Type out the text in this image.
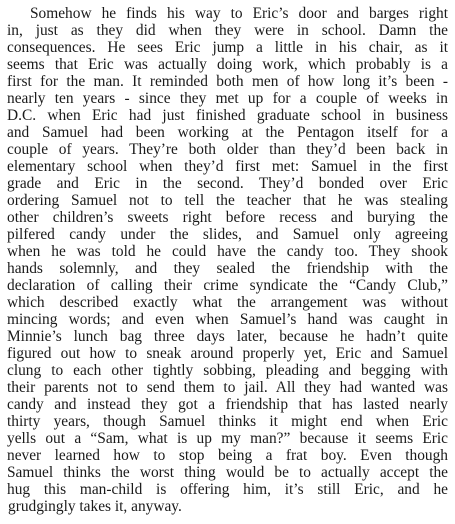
Somehow he finds his way to Eric’s door and barges right
in, just as they did when they were in school. Damn the
consequences. He sees Eric jump a little in his chair, as it
seems that Eric was actually doing work, which probably is a
first for the man. It reminded both men of how long it’s been -
nearly ten years - since they met up for a couple of weeks in
D.C. when Eric had just finished graduate school in business
and Samuel had been working at the Pentagon itself for a
couple of years. They’re both older than they’d been back in
elementary school when they’d first met: Samuel in the first
grade and Eric in the second. They’d bonded over Eric
ordering Samuel not to tell the teacher that he was stealing
other children’s sweets right before recess and burying the
pilfered candy under the slides, and Samuel only agreeing
when he was told he could have the candy too. They shook
hands solemnly, and they sealed the friendship with the
declaration of calling their crime syndicate the “Candy Club,”
which described exactly what the arrangement was without
mincing words; and even when Samuel’s hand was caught in
Minnie’s lunch bag three days later, because he hadn’t quite
figured out how to sneak around properly yet, Eric and Samuel
clung to each other tightly sobbing, pleading and begging with
their parents not to send them to jail. All they had wanted was
candy and instead they got a friendship that has lasted nearly
thirty years, though Samuel thinks it might end when Eric
yells out a “Sam, what is up my man?” because it seems Eric
never learned how to stop being a frat boy. Even though
Samuel thinks the worst thing would be to actually accept the
hug this man-child is offering him, it’s still Eric, and he
grudgingly takes it, anyway.
